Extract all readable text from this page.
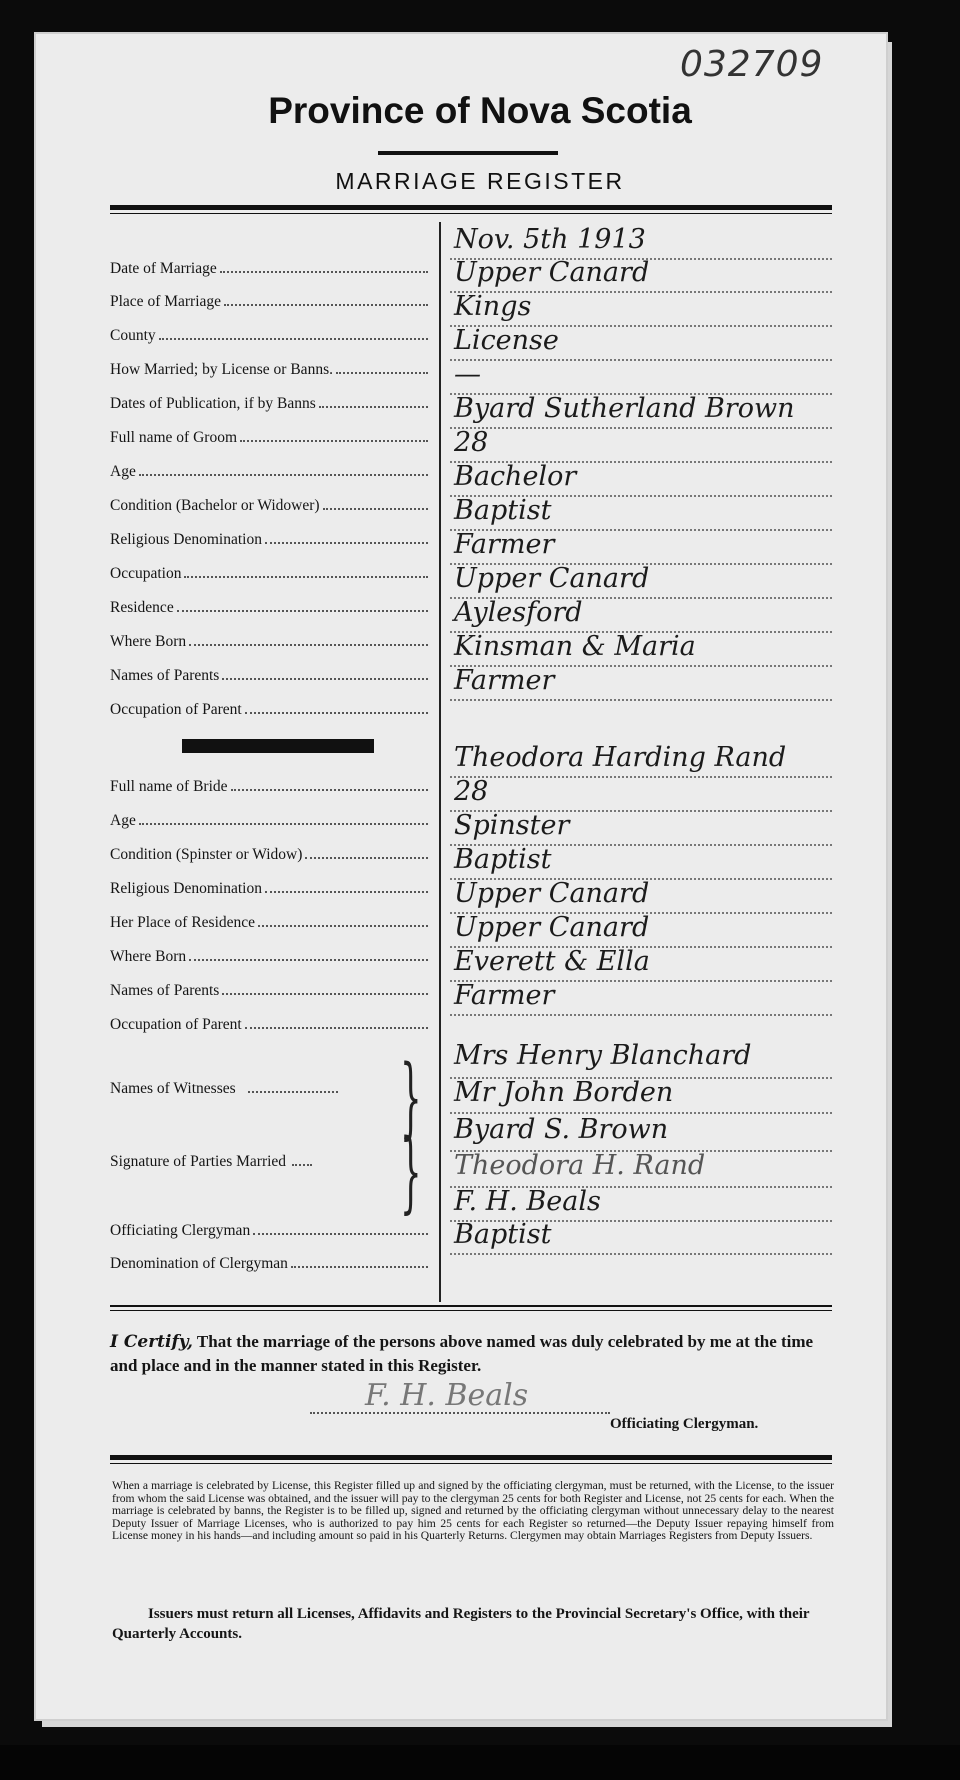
032709
Province of Nova Scotia
MARRIAGE REGISTER
Date of Marriage
Nov. 5th 1913
Place of Marriage
Upper Canard
County
Kings
How Married; by License or Banns.
License
Dates of Publication, if by Banns
—
Full name of Groom
Byard Sutherland Brown
Age
28
Condition (Bachelor or Widower)
Bachelor
Religious Denomination
Baptist
Occupation
Farmer
Residence
Upper Canard
Where Born
Aylesford
Names of Parents
Kinsman & Maria
Occupation of Parent
Farmer
Full name of Bride
Theodora Harding Rand
Age
28
Condition (Spinster or Widow)
Spinster
Religious Denomination
Baptist
Her Place of Residence
Upper Canard
Where Born
Upper Canard
Names of Parents
Everett & Ella
Occupation of Parent
Farmer
Names of Witnesses	} Mrs Henry Blanchard
Mr John Borden
Signature of Parties Married	} Byard S. Brown
Theodora H. Rand
Officiating Clergyman
F. H. Beals
Denomination of Clergyman
Baptist
I Certify, That the marriage of the persons above named was duly celebrated by me at the time and place and in the manner stated in this Register.
F. H. Beals
Officiating Clergyman.
When a marriage is celebrated by License, this Register filled up and signed by the officiating clergyman, must be returned, with the License, to the issuer from whom the said License was obtained, and the issuer will pay to the clergyman 25 cents for both Register and License, not 25 cents for each. When the marriage is celebrated by banns, the Register is to be filled up, signed and returned by the officiating clergyman without unnecessary delay to the nearest Deputy Issuer of Marriage Licenses, who is authorized to pay him 25 cents for each Register so returned—the Deputy Issuer repaying himself from License money in his hands—and including amount so paid in his Quarterly Returns. Clergymen may obtain Marriages Registers from Deputy Issuers.
Issuers must return all Licenses, Affidavits and Registers to the Provincial Secretary's Office, with their Quarterly Accounts.
